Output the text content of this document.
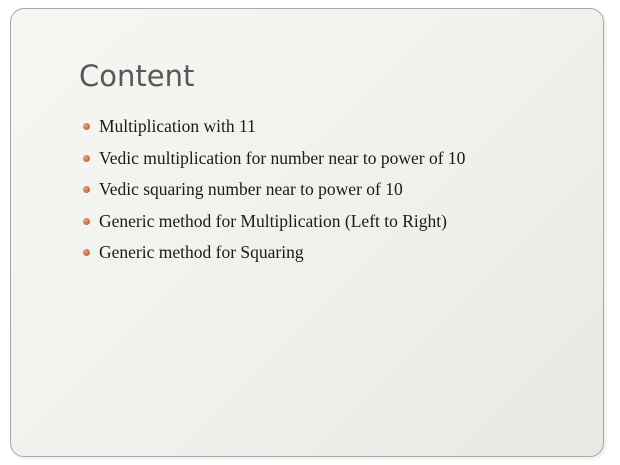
Content
Multiplication with 11
Vedic multiplication for number near to power of 10
Vedic squaring number near to power of 10
Generic method for Multiplication (Left to Right)
Generic method for Squaring
